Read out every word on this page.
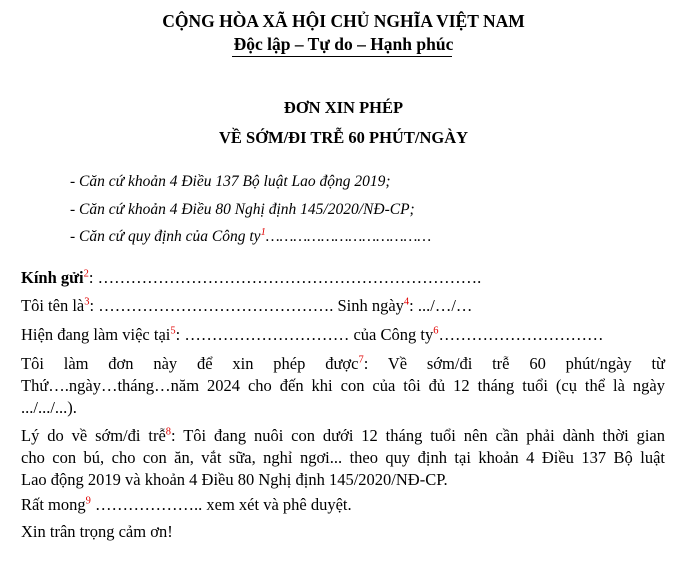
CỘNG HÒA XÃ HỘI CHỦ NGHĨA VIỆT NAM
Độc lập – Tự do – Hạnh phúc
ĐƠN XIN PHÉP
VỀ SỚM/ĐI TRỄ 60 PHÚT/NGÀY
- Căn cứ khoản 4 Điều 137 Bộ luật Lao động 2019;
- Căn cứ khoản 4 Điều 80 Nghị định 145/2020/NĐ-CP;
- Căn cứ quy định của Công ty$^1$………………………………
Kính gửi$^2$: …………………………………………………………….
Tôi tên là$^3$: ……………………………………. Sinh ngày$^4$: .../…/…
Hiện đang làm việc tại$^5$: ………………………… của Công ty$^6$…………………………
Tôi làm đơn này để xin phép được$^7$: Về sớm/đi trễ 60 phút/ngày từ
Thứ….ngày…tháng…năm 2024 cho đến khi con của tôi đủ 12 tháng tuổi (cụ thể là ngày
.../.../...).
Lý do về sớm/đi trễ$^8$: Tôi đang nuôi con dưới 12 tháng tuổi nên cần phải dành thời gian
cho con bú, cho con ăn, vắt sữa, nghỉ ngơi... theo quy định tại khoản 4 Điều 137 Bộ luật
Lao động 2019 và khoản 4 Điều 80 Nghị định 145/2020/NĐ-CP.
Rất mong$^9$ ……………….. xem xét và phê duyệt.
Xin trân trọng cảm ơn!
